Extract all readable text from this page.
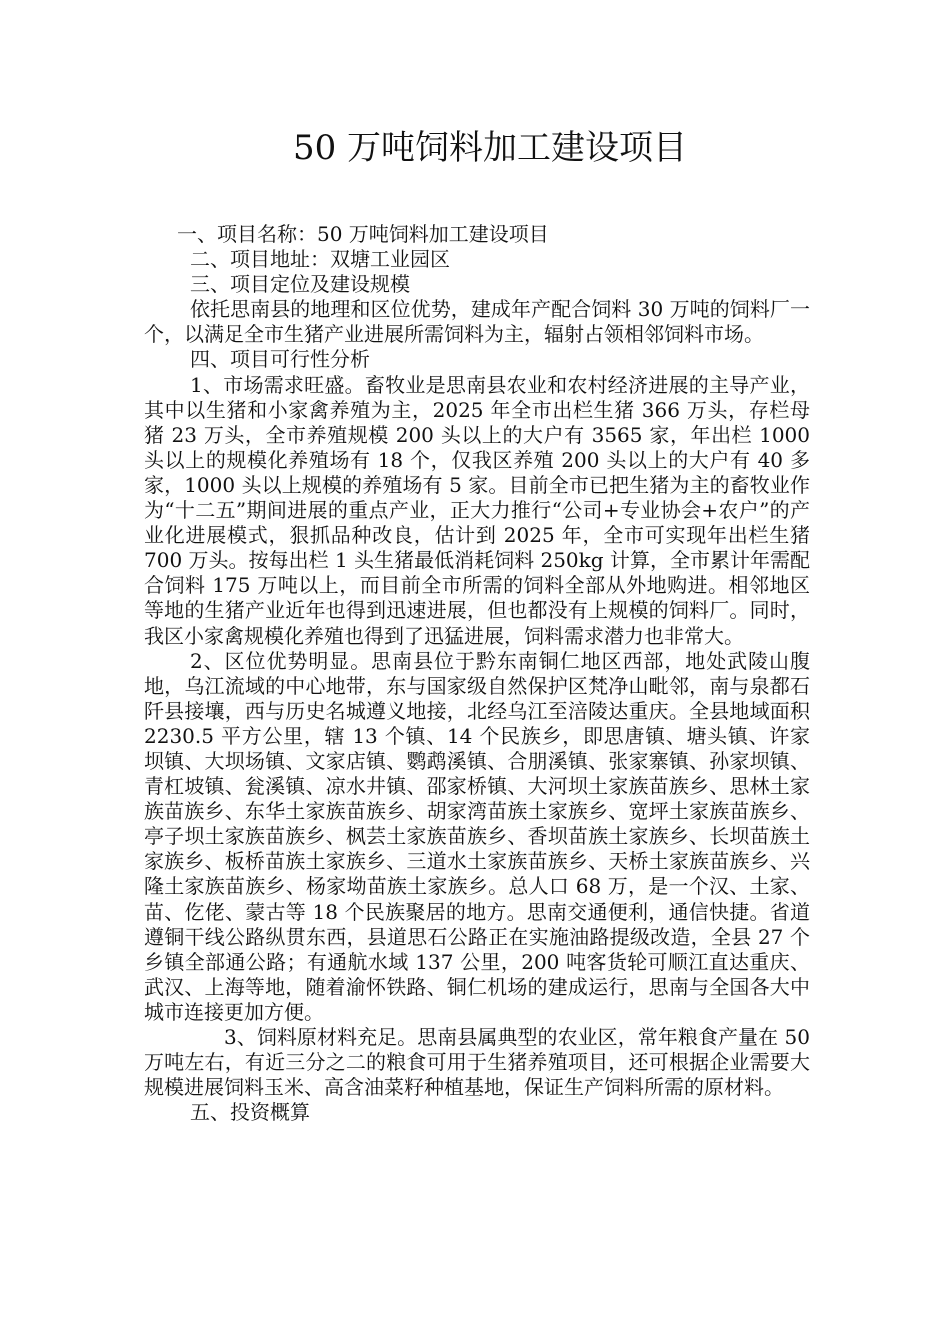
50 万吨饲料加工建设项目

一、项目名称：50 万吨饲料加工建设项目

二、项目地址：双塘工业园区

三、项目定位及建设规模

依托思南县的地理和区位优势，建成年产配合饲料 30 万吨的饲料厂一个，以满足全市生猪产业进展所需饲料为主，辐射占领相邻饲料市场。

四、项目可行性分析

1、市场需求旺盛。畜牧业是思南县农业和农村经济进展的主导产业，其中以生猪和小家禽养殖为主，2025 年全市出栏生猪 366 万头，存栏母猪 23 万头，全市养殖规模 200 头以上的大户有 3565 家，年出栏 1000 头以上的规模化养殖场有 18 个，仅我区养殖 200 头以上的大户有 40 多家，1000 头以上规模的养殖场有 5 家。目前全市已把生猪为主的畜牧业作为“十二五”期间进展的重点产业，正大力推行“公司+专业协会+农户”的产业化进展模式，狠抓品种改良，估计到 2025 年，全市可实现年出栏生猪 700 万头。按每出栏 1 头生猪最低消耗饲料 250kg 计算，全市累计年需配合饲料 175 万吨以上，而目前全市所需的饲料全部从外地购进。相邻地区等地的生猪产业近年也得到迅速进展，但也都没有上规模的饲料厂。同时，我区小家禽规模化养殖也得到了迅猛进展，饲料需求潜力也非常大。

2、区位优势明显。思南县位于黔东南铜仁地区西部，地处武陵山腹地，乌江流域的中心地带，东与国家级自然保护区梵净山毗邻，南与泉都石阡县接壤，西与历史名城遵义地接，北经乌江至涪陵达重庆。全县地域面积 2230.5 平方公里，辖 13 个镇、14 个民族乡，即思唐镇、塘头镇、许家坝镇、大坝场镇、文家店镇、鹦鹉溪镇、合朋溪镇、张家寨镇、孙家坝镇、青杠坡镇、瓮溪镇、凉水井镇、邵家桥镇、大河坝土家族苗族乡、思林土家族苗族乡、东华土家族苗族乡、胡家湾苗族土家族乡、宽坪土家族苗族乡、亭子坝土家族苗族乡、枫芸土家族苗族乡、香坝苗族土家族乡、长坝苗族土家族乡、板桥苗族土家族乡、三道水土家族苗族乡、天桥土家族苗族乡、兴隆土家族苗族乡、杨家坳苗族土家族乡。总人口 68 万，是一个汉、土家、苗、仡佬、蒙古等 18 个民族聚居的地方。思南交通便利，通信快捷。省道遵铜干线公路纵贯东西，县道思石公路正在实施油路提级改造，全县 27 个乡镇全部通公路；有通航水域 137 公里，200 吨客货轮可顺江直达重庆、武汉、上海等地，随着渝怀铁路、铜仁机场的建成运行，思南与全国各大中城市连接更加方便。

3、饲料原材料充足。思南县属典型的农业区，常年粮食产量在 50 万吨左右，有近三分之二的粮食可用于生猪养殖项目，还可根据企业需要大规模进展饲料玉米、高含油菜籽种植基地，保证生产饲料所需的原材料。

五、投资概算
